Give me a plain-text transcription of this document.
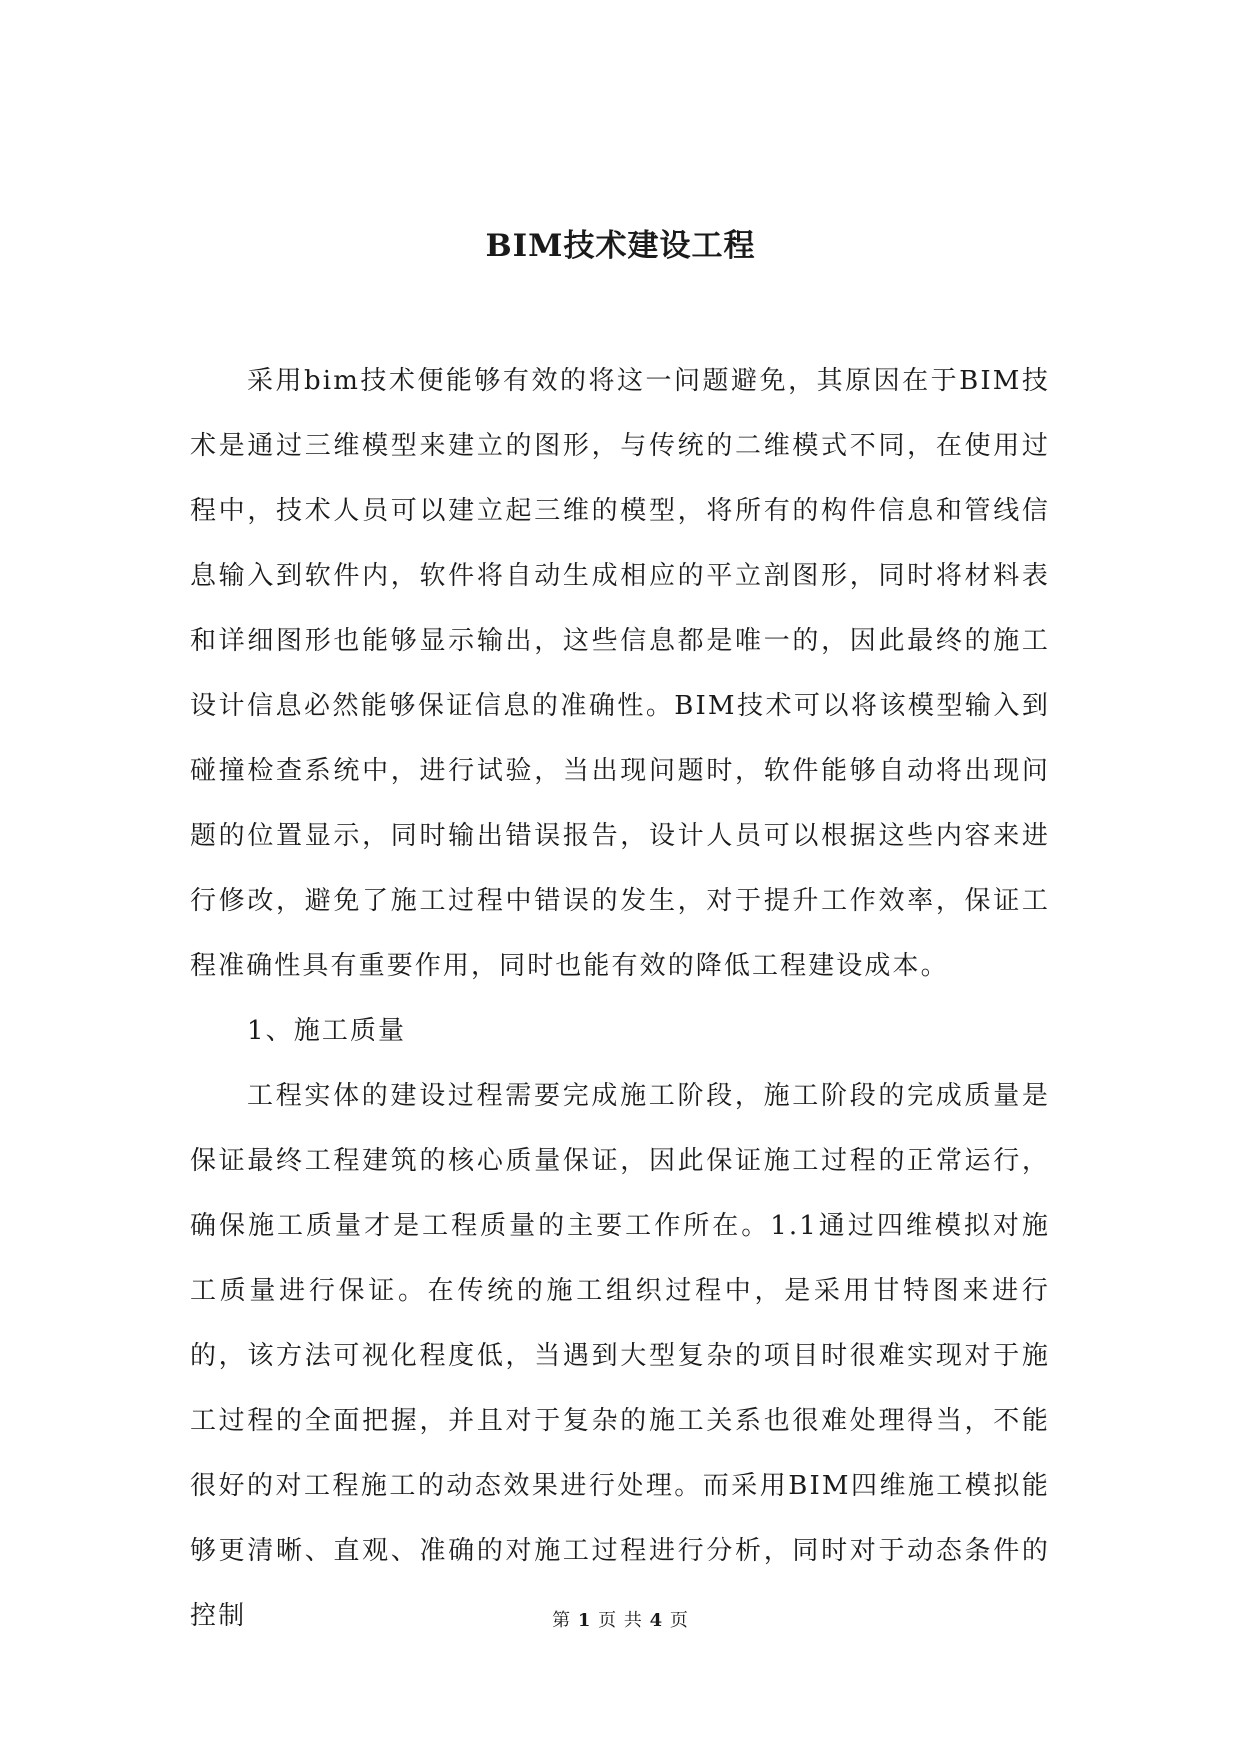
BIM技术建设工程

采用bim技术便能够有效的将这一问题避免，其原因在于BIM技术是通过三维模型来建立的图形，与传统的二维模式不同，在使用过程中，技术人员可以建立起三维的模型，将所有的构件信息和管线信息输入到软件内，软件将自动生成相应的平立剖图形，同时将材料表和详细图形也能够显示输出，这些信息都是唯一的，因此最终的施工设计信息必然能够保证信息的准确性。BIM技术可以将该模型输入到碰撞检查系统中，进行试验，当出现问题时，软件能够自动将出现问题的位置显示，同时输出错误报告，设计人员可以根据这些内容来进行修改，避免了施工过程中错误的发生，对于提升工作效率，保证工程准确性具有重要作用，同时也能有效的降低工程建设成本。

1、施工质量

工程实体的建设过程需要完成施工阶段，施工阶段的完成质量是保证最终工程建筑的核心质量保证，因此保证施工过程的正常运行，确保施工质量才是工程质量的主要工作所在。1.1通过四维模拟对施工质量进行保证。在传统的施工组织过程中，是采用甘特图来进行的，该方法可视化程度低，当遇到大型复杂的项目时很难实现对于施工过程的全面把握，并且对于复杂的施工关系也很难处理得当，不能很好的对工程施工的动态效果进行处理。而采用BIM四维施工模拟能够更清晰、直观、准确的对施工过程进行分析，同时对于动态条件的控制	第 1 页 共 4 页
